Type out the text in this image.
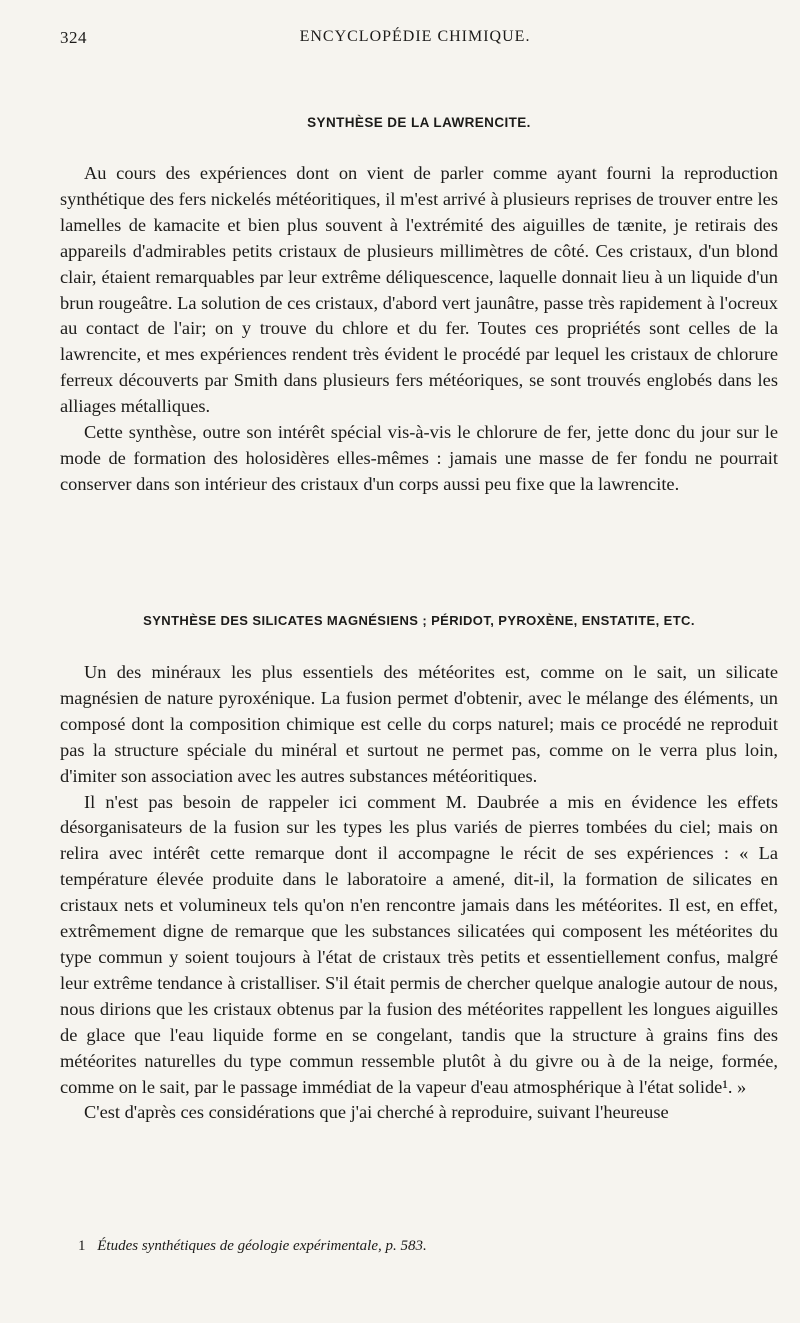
324	ENCYCLOPÉDIE CHIMIQUE.
SYNTHÈSE DE LA LAWRENCITE.

Au cours des expériences dont on vient de parler comme ayant fourni la reproduction synthétique des fers nickelés météoritiques, il m'est arrivé à plusieurs reprises de trouver entre les lamelles de kamacite et bien plus souvent à l'extrémité des aiguilles de tænite, je retirais des appareils d'admirables petits cristaux de plusieurs millimètres de côté. Ces cristaux, d'un blond clair, étaient remarquables par leur extrême déliquescence, laquelle donnait lieu à un liquide d'un brun rougeâtre. La solution de ces cristaux, d'abord vert jaunâtre, passe très rapidement à l'ocreux au contact de l'air; on y trouve du chlore et du fer. Toutes ces propriétés sont celles de la lawrencite, et mes expériences rendent très évident le procédé par lequel les cristaux de chlorure ferreux découverts par Smith dans plusieurs fers météoriques, se sont trouvés englobés dans les alliages métalliques.

Cette synthèse, outre son intérêt spécial vis-à-vis le chlorure de fer, jette donc du jour sur le mode de formation des holosidères elles-mêmes : jamais une masse de fer fondu ne pourrait conserver dans son intérieur des cristaux d'un corps aussi peu fixe que la lawrencite.

SYNTHÈSE DES SILICATES MAGNÉSIENS ; PÉRIDOT, PYROXÈNE, ENSTATITE, ETC.

Un des minéraux les plus essentiels des météorites est, comme on le sait, un silicate magnésien de nature pyroxénique. La fusion permet d'obtenir, avec le mélange des éléments, un composé dont la composition chimique est celle du corps naturel; mais ce procédé ne reproduit pas la structure spéciale du minéral et surtout ne permet pas, comme on le verra plus loin, d'imiter son association avec les autres substances météoritiques.

Il n'est pas besoin de rappeler ici comment M. Daubrée a mis en évidence les effets désorganisateurs de la fusion sur les types les plus variés de pierres tombées du ciel; mais on relira avec intérêt cette remarque dont il accompagne le récit de ses expériences : « La température élevée produite dans le laboratoire a amené, dit-il, la formation de silicates en cristaux nets et volumineux tels qu'on n'en rencontre jamais dans les météorites. Il est, en effet, extrêmement digne de remarque que les substances silicatées qui composent les météorites du type commun y soient toujours à l'état de cristaux très petits et essentiellement confus, malgré leur extrême tendance à cristalliser. S'il était permis de chercher quelque analogie autour de nous, nous dirions que les cristaux obtenus par la fusion des météorites rappellent les longues aiguilles de glace que l'eau liquide forme en se congelant, tandis que la structure à grains fins des météorites naturelles du type commun ressemble plutôt à du givre ou à de la neige, formée, comme on le sait, par le passage immédiat de la vapeur d'eau atmosphérique à l'état solide¹. »

C'est d'après ces considérations que j'ai cherché à reproduire, suivant l'heureuse

1 Études synthétiques de géologie expérimentale, p. 583.
